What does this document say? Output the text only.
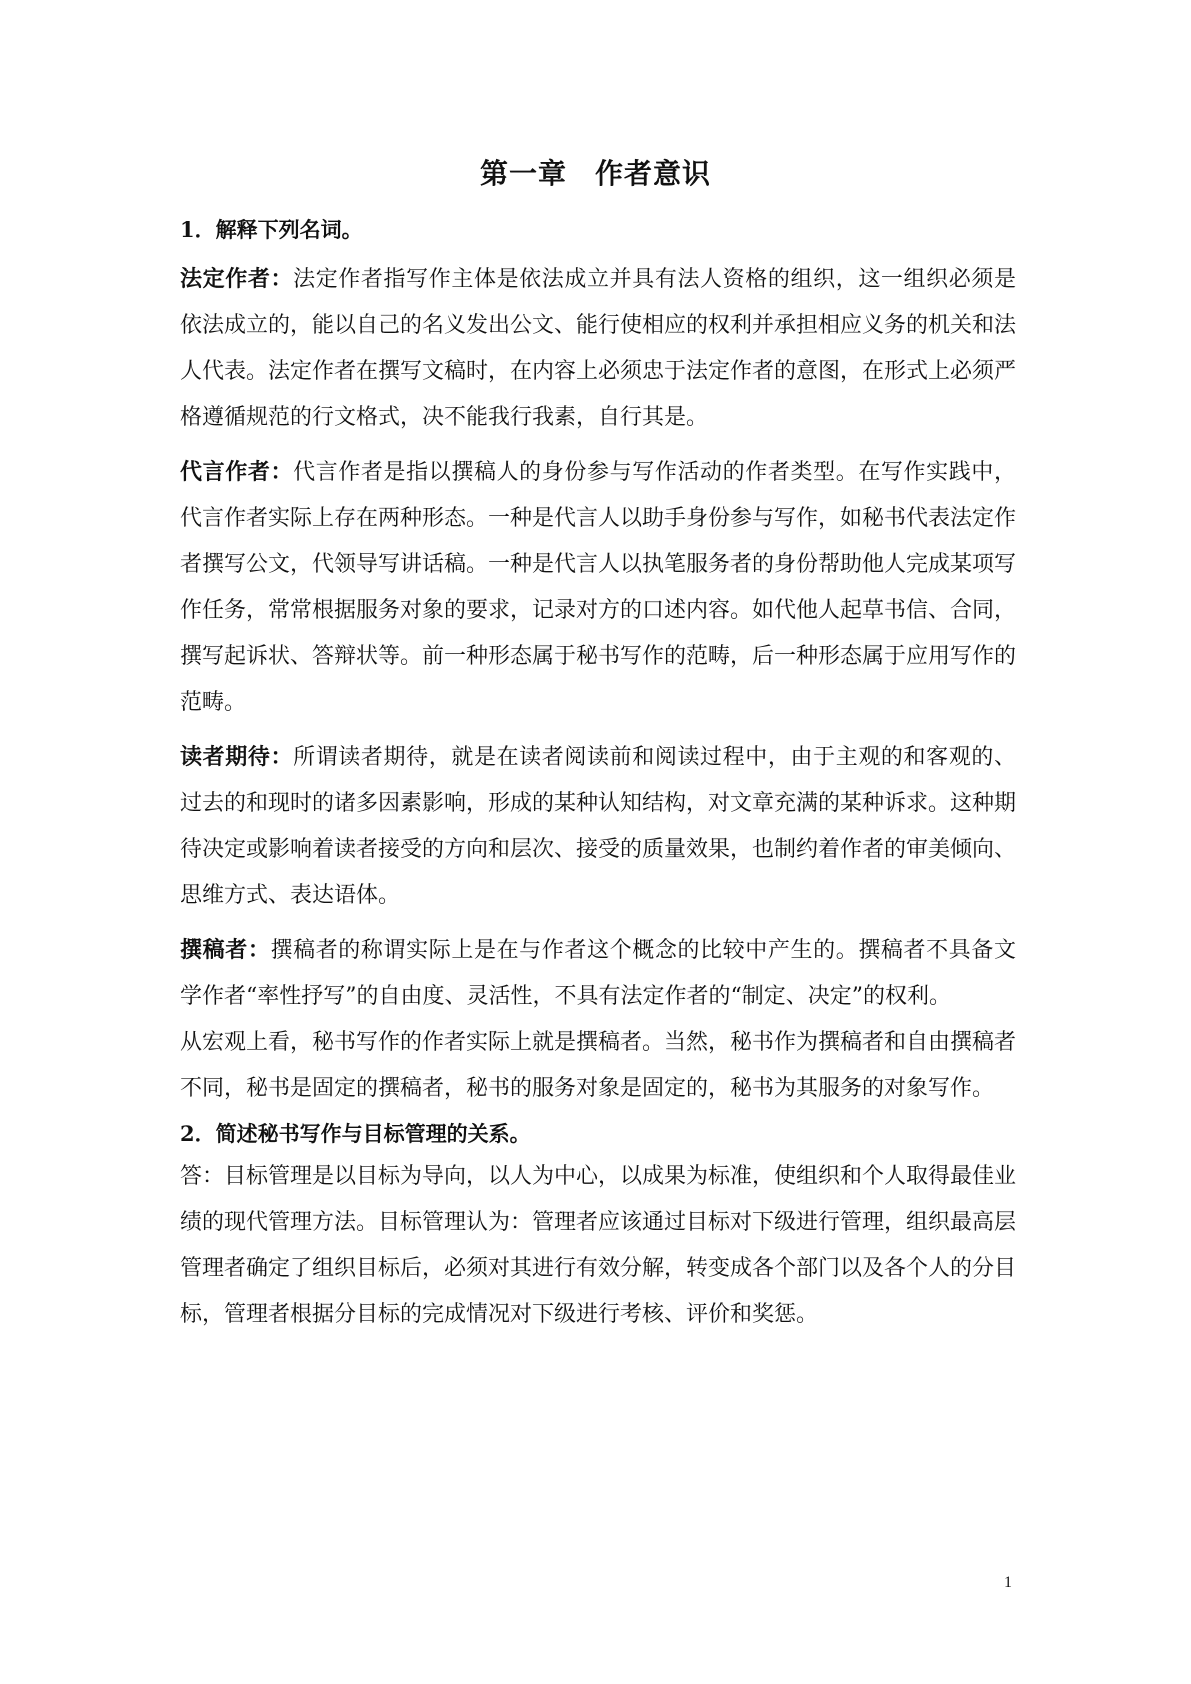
第一章 作者意识
1．解释下列名词。

法定作者：法定作者指写作主体是依法成立并具有法人资格的组织，这一组织必须是依法成立的，能以自己的名义发出公文、能行使相应的权利并承担相应义务的机关和法人代表。法定作者在撰写文稿时，在内容上必须忠于法定作者的意图，在形式上必须严格遵循规范的行文格式，决不能我行我素，自行其是。

代言作者：代言作者是指以撰稿人的身份参与写作活动的作者类型。在写作实践中，代言作者实际上存在两种形态。一种是代言人以助手身份参与写作，如秘书代表法定作者撰写公文，代领导写讲话稿。一种是代言人以执笔服务者的身份帮助他人完成某项写作任务，常常根据服务对象的要求，记录对方的口述内容。如代他人起草书信、合同，撰写起诉状、答辩状等。前一种形态属于秘书写作的范畴，后一种形态属于应用写作的范畴。

读者期待：所谓读者期待，就是在读者阅读前和阅读过程中，由于主观的和客观的、过去的和现时的诸多因素影响，形成的某种认知结构，对文章充满的某种诉求。这种期待决定或影响着读者接受的方向和层次、接受的质量效果，也制约着作者的审美倾向、思维方式、表达语体。

撰稿者：撰稿者的称谓实际上是在与作者这个概念的比较中产生的。撰稿者不具备文学作者“率性抒写”的自由度、灵活性，不具有法定作者的“制定、决定”的权利。

从宏观上看，秘书写作的作者实际上就是撰稿者。当然，秘书作为撰稿者和自由撰稿者不同，秘书是固定的撰稿者，秘书的服务对象是固定的，秘书为其服务的对象写作。

2．简述秘书写作与目标管理的关系。

答：目标管理是以目标为导向，以人为中心，以成果为标准，使组织和个人取得最佳业绩的现代管理方法。目标管理认为：管理者应该通过目标对下级进行管理，组织最高层管理者确定了组织目标后，必须对其进行有效分解，转变成各个部门以及各个人的分目标，管理者根据分目标的完成情况对下级进行考核、评价和奖惩。

1
